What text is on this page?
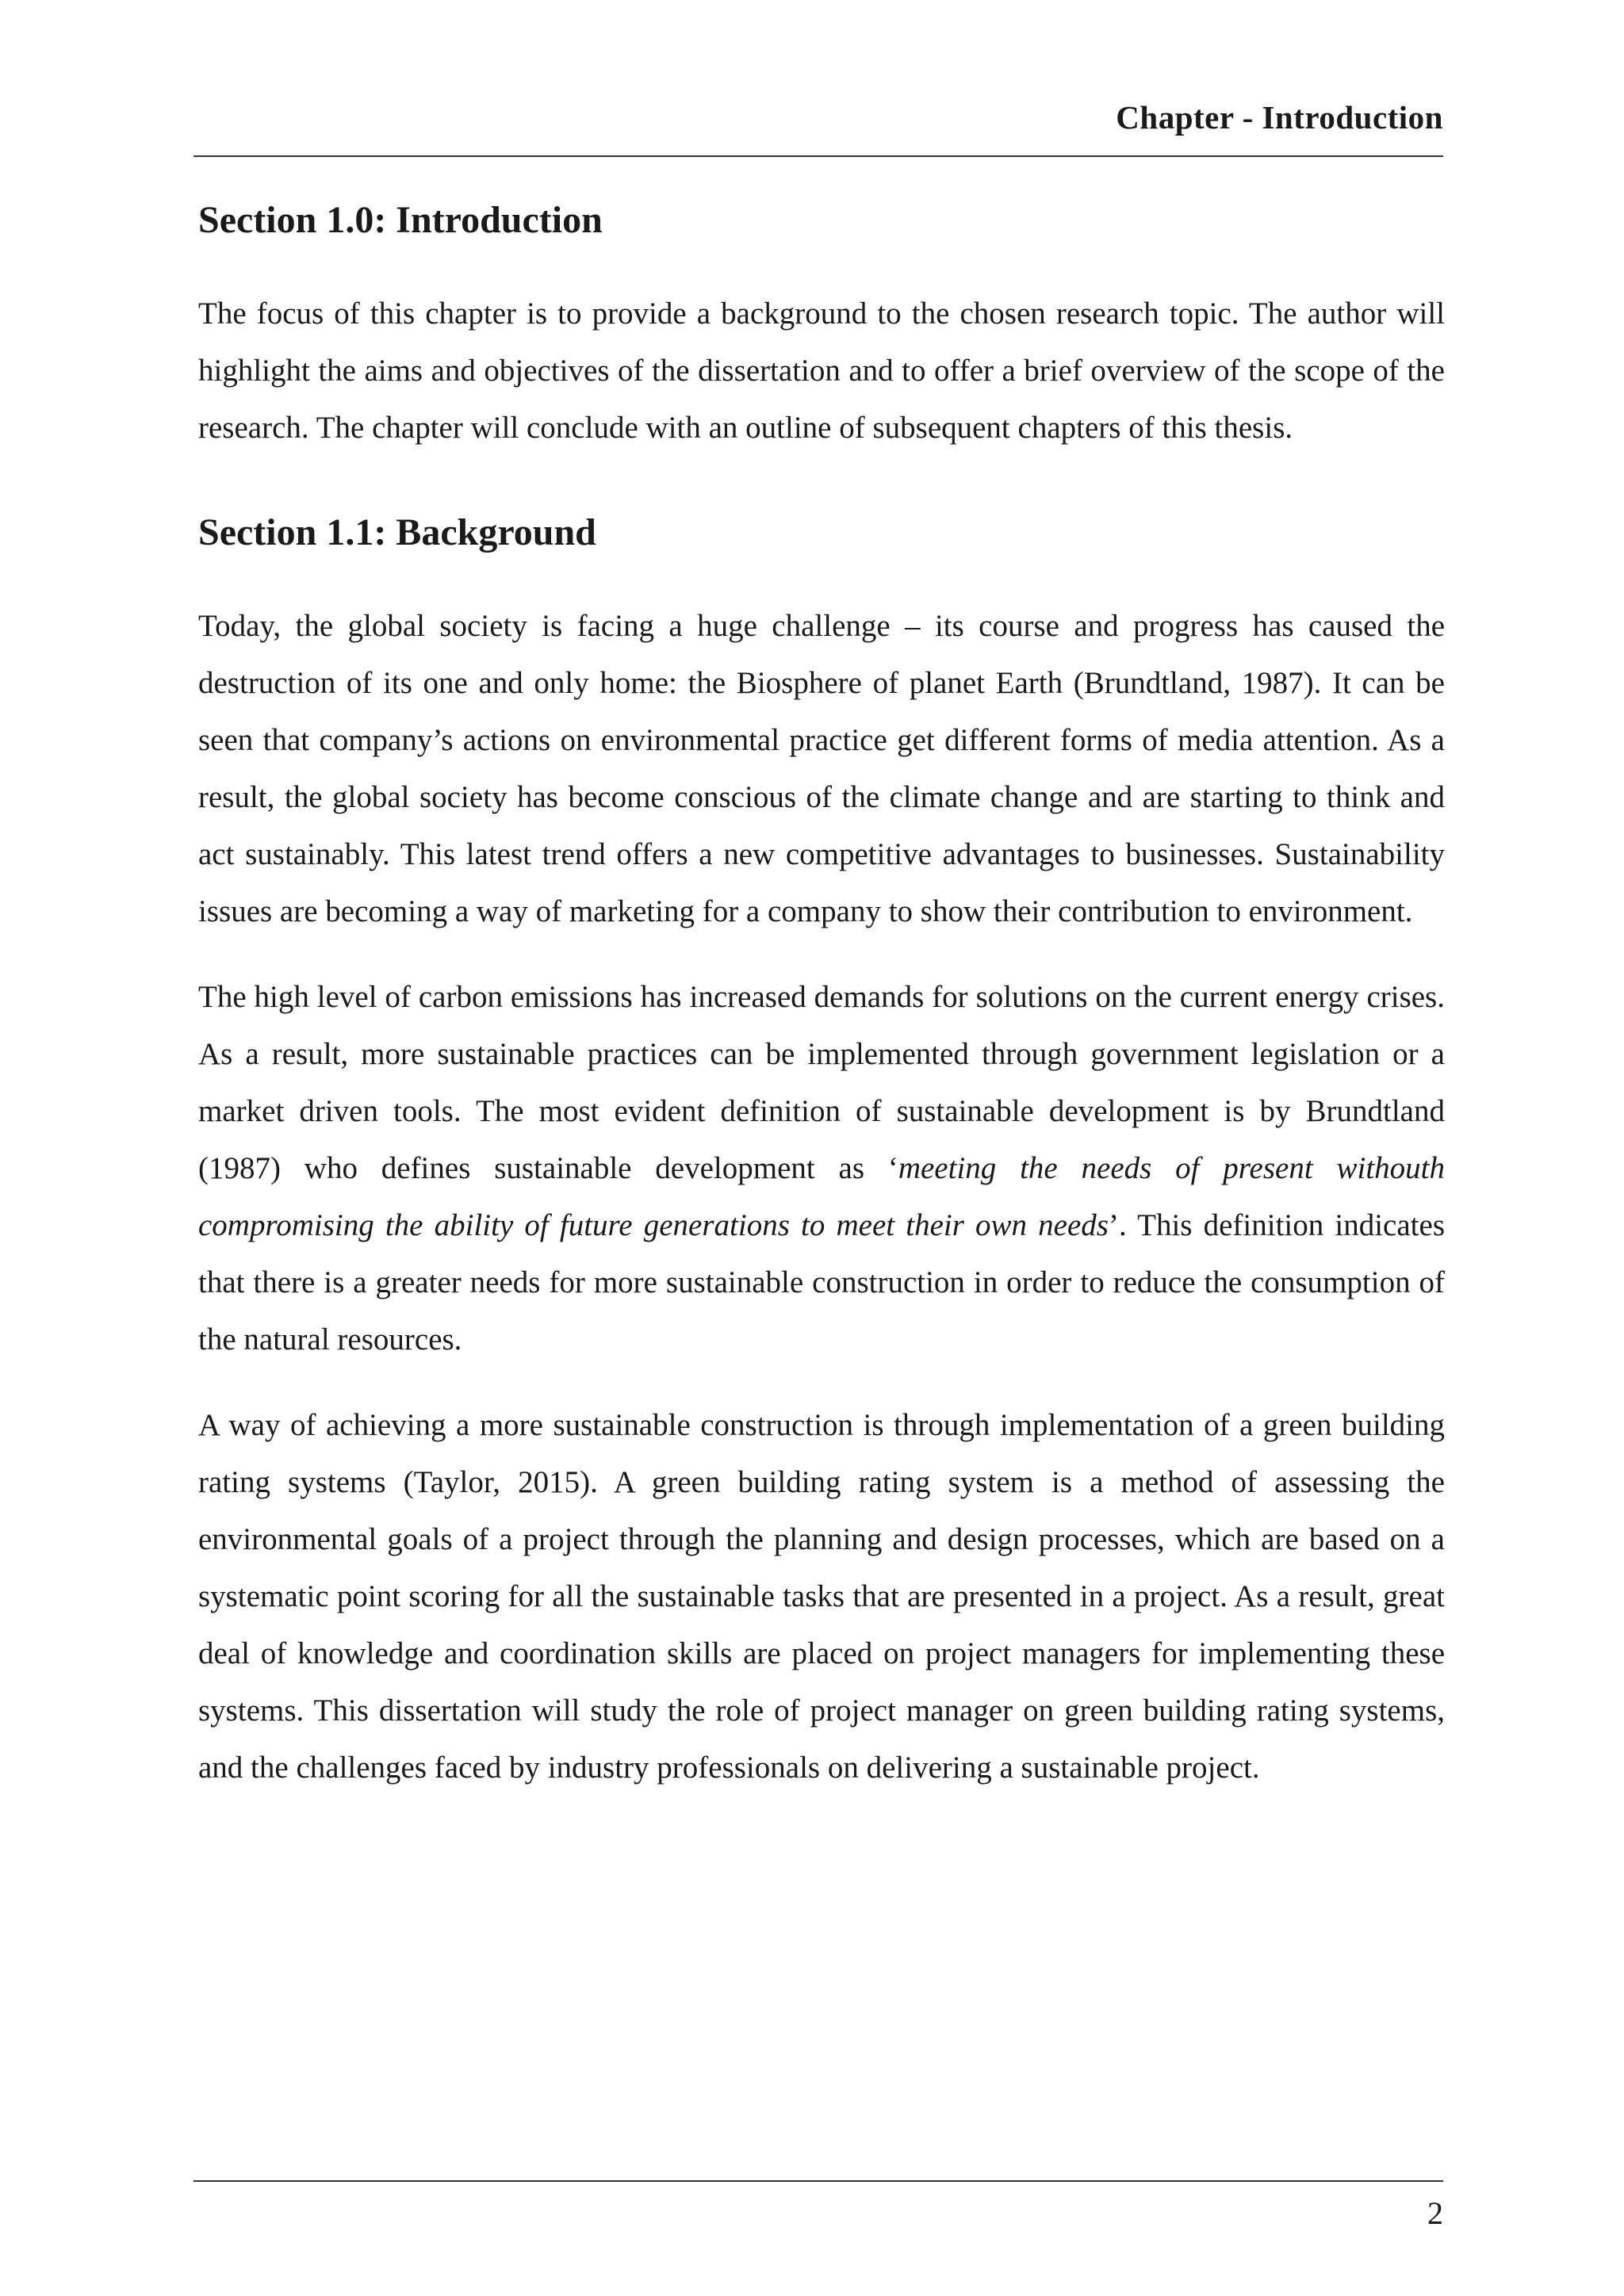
Chapter - Introduction
Section 1.0: Introduction

The focus of this chapter is to provide a background to the chosen research topic. The author will highlight the aims and objectives of the dissertation and to offer a brief overview of the scope of the research. The chapter will conclude with an outline of subsequent chapters of this thesis.

Section 1.1: Background

Today, the global society is facing a huge challenge – its course and progress has caused the destruction of its one and only home: the Biosphere of planet Earth (Brundtland, 1987). It can be seen that company’s actions on environmental practice get different forms of media attention. As a result, the global society has become conscious of the climate change and are starting to think and act sustainably. This latest trend offers a new competitive advantages to businesses. Sustainability issues are becoming a way of marketing for a company to show their contribution to environment.

The high level of carbon emissions has increased demands for solutions on the current energy crises. As a result, more sustainable practices can be implemented through government legislation or a market driven tools. The most evident definition of sustainable development is by Brundtland (1987) who defines sustainable development as ‘meeting the needs of present withouth compromising the ability of future generations to meet their own needs’. This definition indicates that there is a greater needs for more sustainable construction in order to reduce the consumption of the natural resources.

A way of achieving a more sustainable construction is through implementation of a green building rating systems (Taylor, 2015). A green building rating system is a method of assessing the environmental goals of a project through the planning and design processes, which are based on a systematic point scoring for all the sustainable tasks that are presented in a project. As a result, great deal of knowledge and coordination skills are placed on project managers for implementing these systems. This dissertation will study the role of project manager on green building rating systems, and the challenges faced by industry professionals on delivering a sustainable project.

2
